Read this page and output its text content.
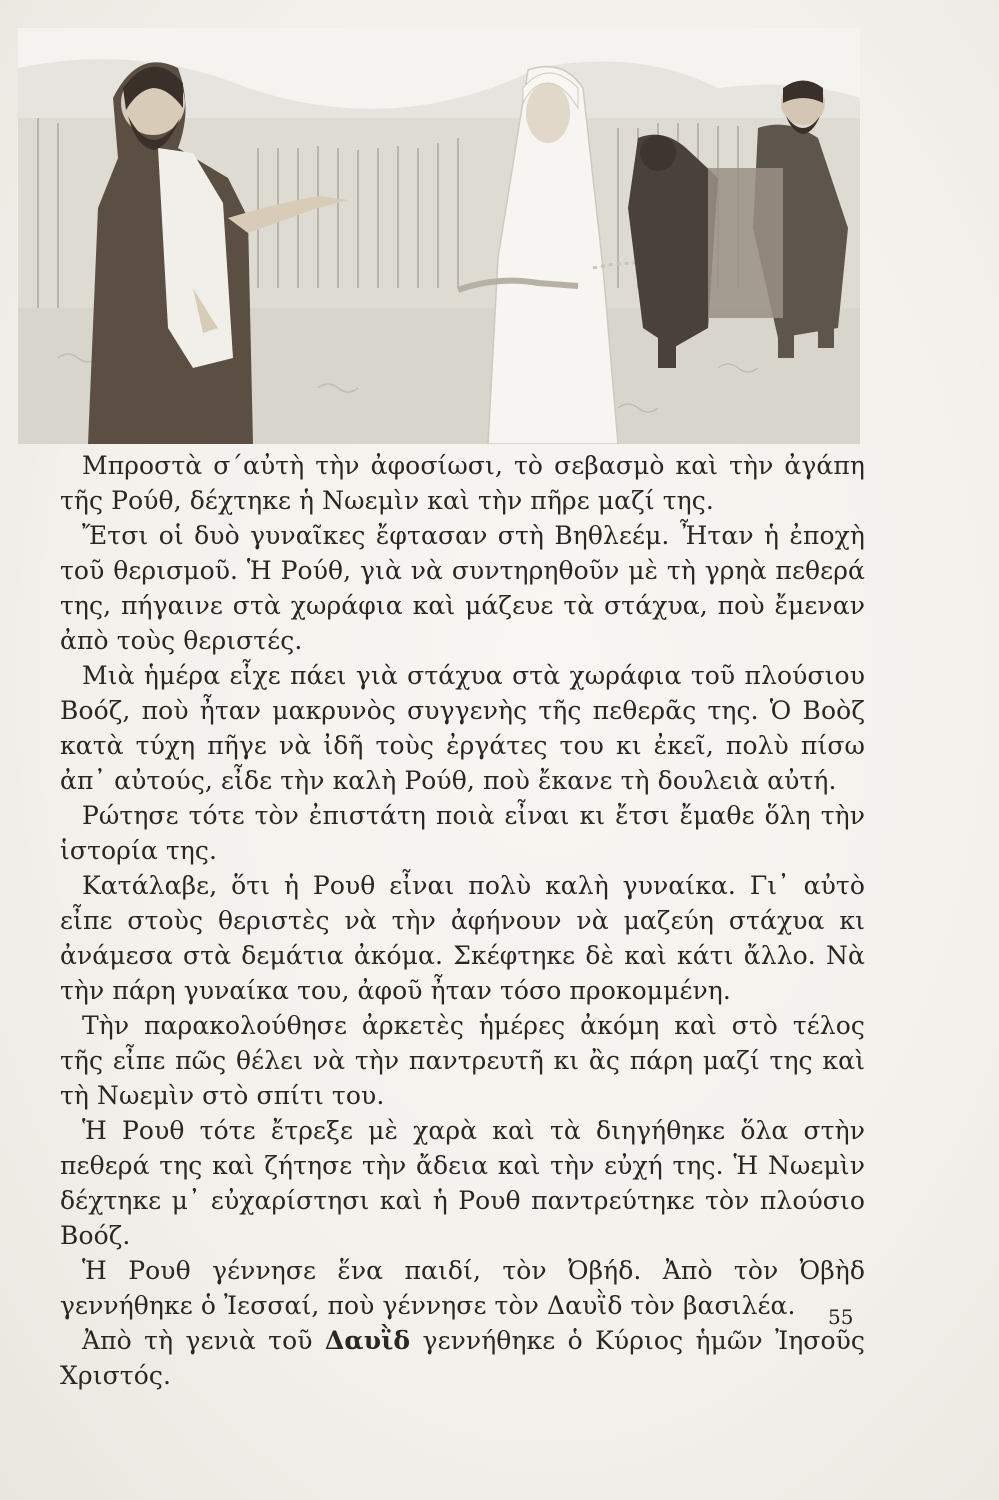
Μπροστὰ σ΄αὐτὴ τὴν ἀφοσίωσι, τὸ σεβασμὸ καὶ τὴν ἀγάπη τῆς Ρούθ, δέχτηκε ἡ Νωεμὶν καὶ τὴν πῆρε μαζί της.

Ἔτσι οἱ δυὸ γυναῖκες ἔφτασαν στὴ Βηθλεέμ. Ἦταν ἡ ἐποχὴ τοῦ θερισμοῦ. Ἡ Ρούθ, γιὰ νὰ συντηρηθοῦν μὲ τὴ γρηὰ πεθερά της, πήγαινε στὰ χωράφια καὶ μάζευε τὰ στάχυα, ποὺ ἔμεναν ἀπὸ τοὺς θεριστές.

Μιὰ ἡμέρα εἶχε πάει γιὰ στάχυα στὰ χωράφια τοῦ πλούσιου Βοόζ, ποὺ ἦταν μακρυνὸς συγγενὴς τῆς πεθερᾶς της. Ὁ Βοὸζ κατὰ τύχη πῆγε νὰ ἰδῆ τοὺς ἐργάτες του κι ἐκεῖ, πολὺ πίσω ἀπ᾽ αὐτούς, εἶδε τὴν καλὴ Ρούθ, ποὺ ἔκανε τὴ δουλειὰ αὐτή.

Ρώτησε τότε τὸν ἐπιστάτη ποιὰ εἶναι κι ἔτσι ἔμαθε ὅλη τὴν ἱστορία της.

Κατάλαβε, ὅτι ἡ Ρουθ εἶναι πολὺ καλὴ γυναίκα. Γι᾽ αὐτὸ εἶπε στοὺς θεριστὲς νὰ τὴν ἀφήνουν νὰ μαζεύη στάχυα κι ἀνάμεσα στὰ δεμάτια ἀκόμα. Σκέφτηκε δὲ καὶ κάτι ἄλλο. Νὰ τὴν πάρη γυναίκα του, ἀφοῦ ἦταν τόσο προκομμένη.

Τὴν παρακολούθησε ἀρκετὲς ἡμέρες ἀκόμη καὶ στὸ τέλος τῆς εἶπε πῶς θέλει νὰ τὴν παντρευτῆ κι ἂς πάρη μαζί της καὶ τὴ Νωεμὶν στὸ σπίτι του.

Ἡ Ρουθ τότε ἔτρεξε μὲ χαρὰ καὶ τὰ διηγήθηκε ὅλα στὴν πεθερά της καὶ ζήτησε τὴν ἄδεια καὶ τὴν εὐχή της. Ἡ Νωεμὶν δέχτηκε μ᾽ εὐχαρίστησι καὶ ἡ Ρουθ παντρεύτηκε τὸν πλούσιο Βοόζ.

Ἡ Ρουθ γέννησε ἕνα παιδί, τὸν Ὀβήδ. Ἀπὸ τὸν Ὀβὴδ γεννήθηκε ὁ Ἰεσσαί, ποὺ γέννησε τὸν Δαυῒδ τὸν βασιλέα.

Ἀπὸ τὴ γενιὰ τοῦ Δαυῒδ γεννήθηκε ὁ Κύριος ἡμῶν Ἰησοῦς Χριστός.

55
